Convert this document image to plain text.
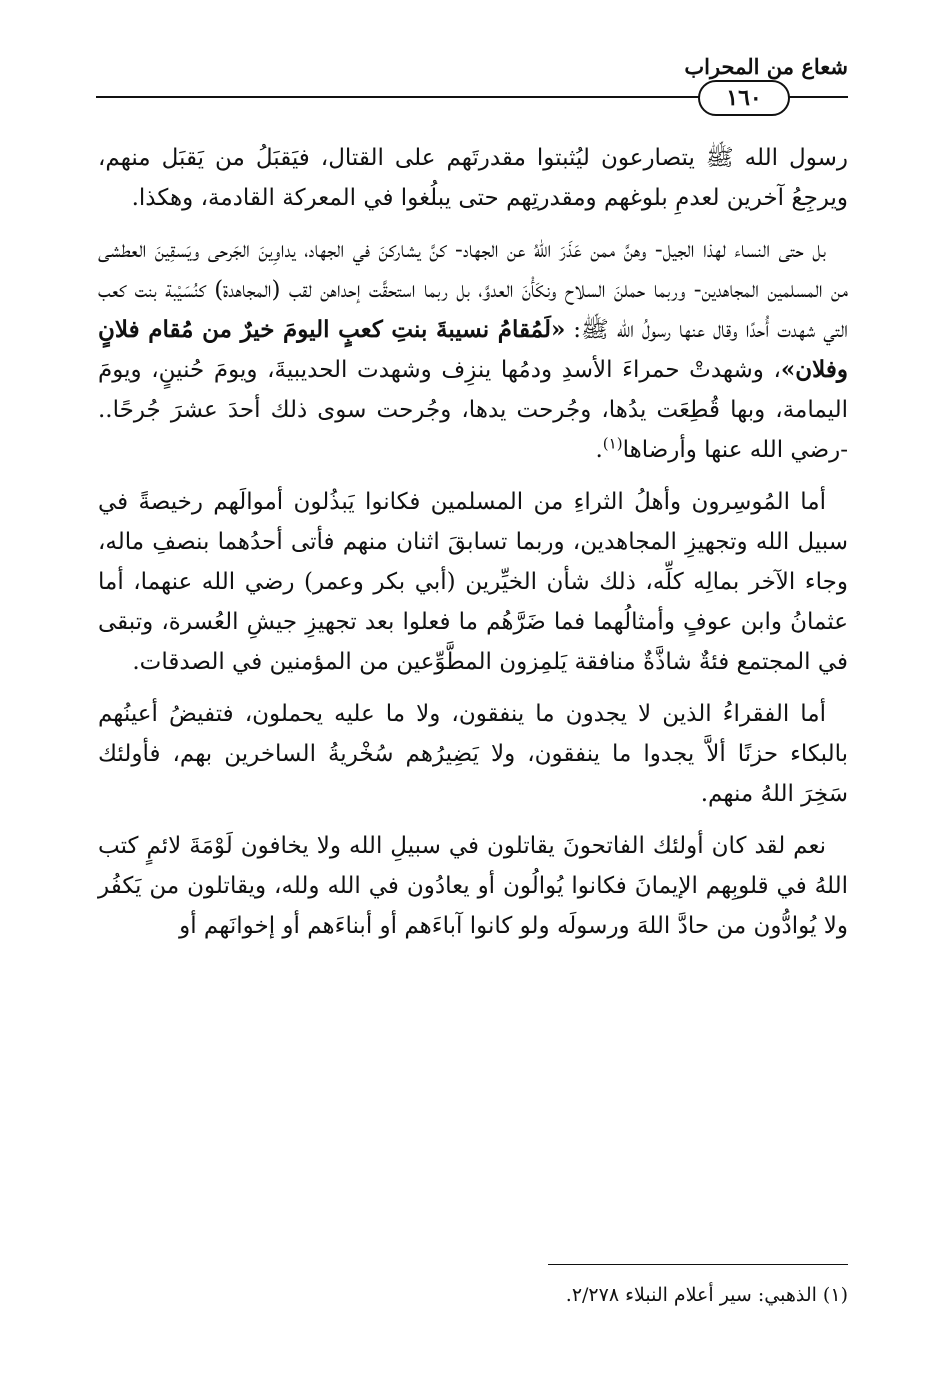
شعاع من المحراب
١٦٠

رسول الله ﷺ يتصارعون ليُثبتوا مقدرتَهم على القتال، فيَقبَلُ من يَقبَل منهم، ويرجِعُ آخرين لعدمِ بلوغهم ومقدرتِهم حتى يبلُغوا في المعركة القادمة، وهكذا.

بل حتى النساء لهذا الجيل- وهنَّ ممن عَذَرَ اللهُ عن الجهاد- كنَّ يشاركنَ في الجهاد، يداوِينَ الجَرحى ويَسقِينَ العطشى من المسلمين المجاهدين- وربما حملنَ السلاح ونكَأْنَ العدوَّ، بل ربما استحقَّت إحداهن لقب (المجاهدة) كنُسَيْبة بنت كعب التي شهدت أُحدًا وقال عنها رسولُ الله ﷺ: «لَمُقامُ نسيبةَ بنتِ كعبٍ اليومَ خيرٌ من مُقام فلانٍ وفلان»، وشهدتْ حمراءَ الأسدِ ودمُها ينزِف وشهدت الحديبيةَ، ويومَ حُنينٍ، ويومَ اليمامة، وبها قُطِعَت يدُها، وجُرحت يدها، وجُرحت سوى ذلك أحدَ عشرَ جُرحًا.. -رضي الله عنها وأرضاها$^{(١)}$.

أما المُوسِرون وأهلُ الثراءِ من المسلمين فكانوا يَبذُلون أموالَهم رخيصةً في سبيل الله وتجهيزِ المجاهدين، وربما تسابقَ اثنان منهم فأتى أحدُهما بنصفِ ماله، وجاء الآخر بمالِه كلِّه، ذلك شأن الخيِّرين (أبي بكر وعمر) رضي الله عنهما، أما عثمانُ وابن عوفٍ وأمثالُهما فما ضَرَّهُم ما فعلوا بعد تجهيزِ جيشِ العُسرة، وتبقى في المجتمع فئةٌ شاذَّةٌ منافقة يَلمِزون المطَّوِّعين من المؤمنين في الصدقات.

أما الفقراءُ الذين لا يجدون ما ينفقون، ولا ما عليه يحملون، فتفيضُ أعينُهم بالبكاء حزنًا ألاَّ يجدوا ما ينفقون، ولا يَضِيرُهم سُخْريةُ الساخرين بهم، فأولئك سَخِرَ اللهُ منهم.

نعم لقد كان أولئك الفاتحونَ يقاتلون في سبيلِ الله ولا يخافون لَوْمَةَ لائمٍ كتب اللهُ في قلوبِهم الإيمانَ فكانوا يُوالُون أو يعادُون في الله ولله، ويقاتلون من يَكفُر ولا يُوادُّون من حادَّ اللهَ ورسولَه ولو كانوا آباءَهم أو أبناءَهم أو إخوانَهم أو

(١) الذهبي: سير أعلام النبلاء ٢/٢٧٨.
